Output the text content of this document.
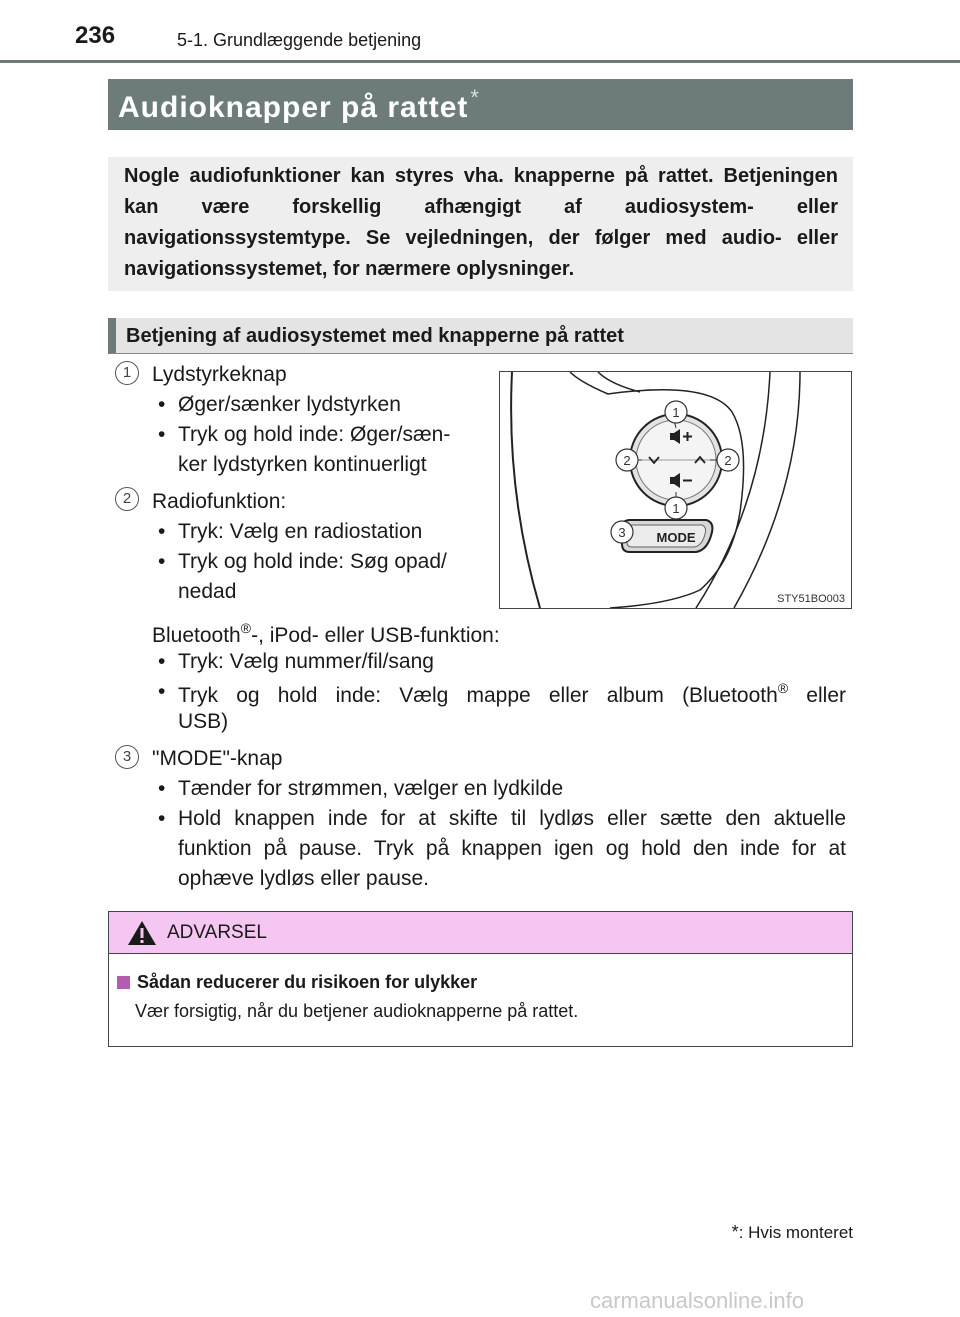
236	5-1. Grundlæggende betjening
Audioknapper på rattet*
Nogle audiofunktioner kan styres vha. knapperne på rattet. Betjeningen kan være forskellig afhængigt af audiosystem- eller navigationssystemtype. Se vejledningen, der følger med audio- eller navigationssystemet, for nærmere oplysninger.
Betjening af audiosystemet med knapperne på rattet
1 Lydstyrkeknap
• Øger/sænker lydstyrken
• Tryk og hold inde: Øger/sæn-
ker lydstyrken kontinuerligt
2 Radiofunktion:
• Tryk: Vælg en radiostation
• Tryk og hold inde: Søg opad/
nedad
Bluetooth®-, iPod- eller USB-funktion:
• Tryk: Vælg nummer/fil/sang
• Tryk og hold inde: Vælg mappe eller album (Bluetooth® eller
USB)
3 "MODE"-knap
• Tænder for strømmen, vælger en lydkilde
• Hold knappen inde for at skifte til lydløs eller sætte den aktuelle
funktion på pause. Tryk på knappen igen og hold den inde for at
ophæve lydløs eller pause.
MODE
1
2	2
1
3
STY51BO003
ADVARSEL
Sådan reducerer du risikoen for ulykker
Vær forsigtig, når du betjener audioknapperne på rattet.
*: Hvis monteret
carmanualsonline.info
